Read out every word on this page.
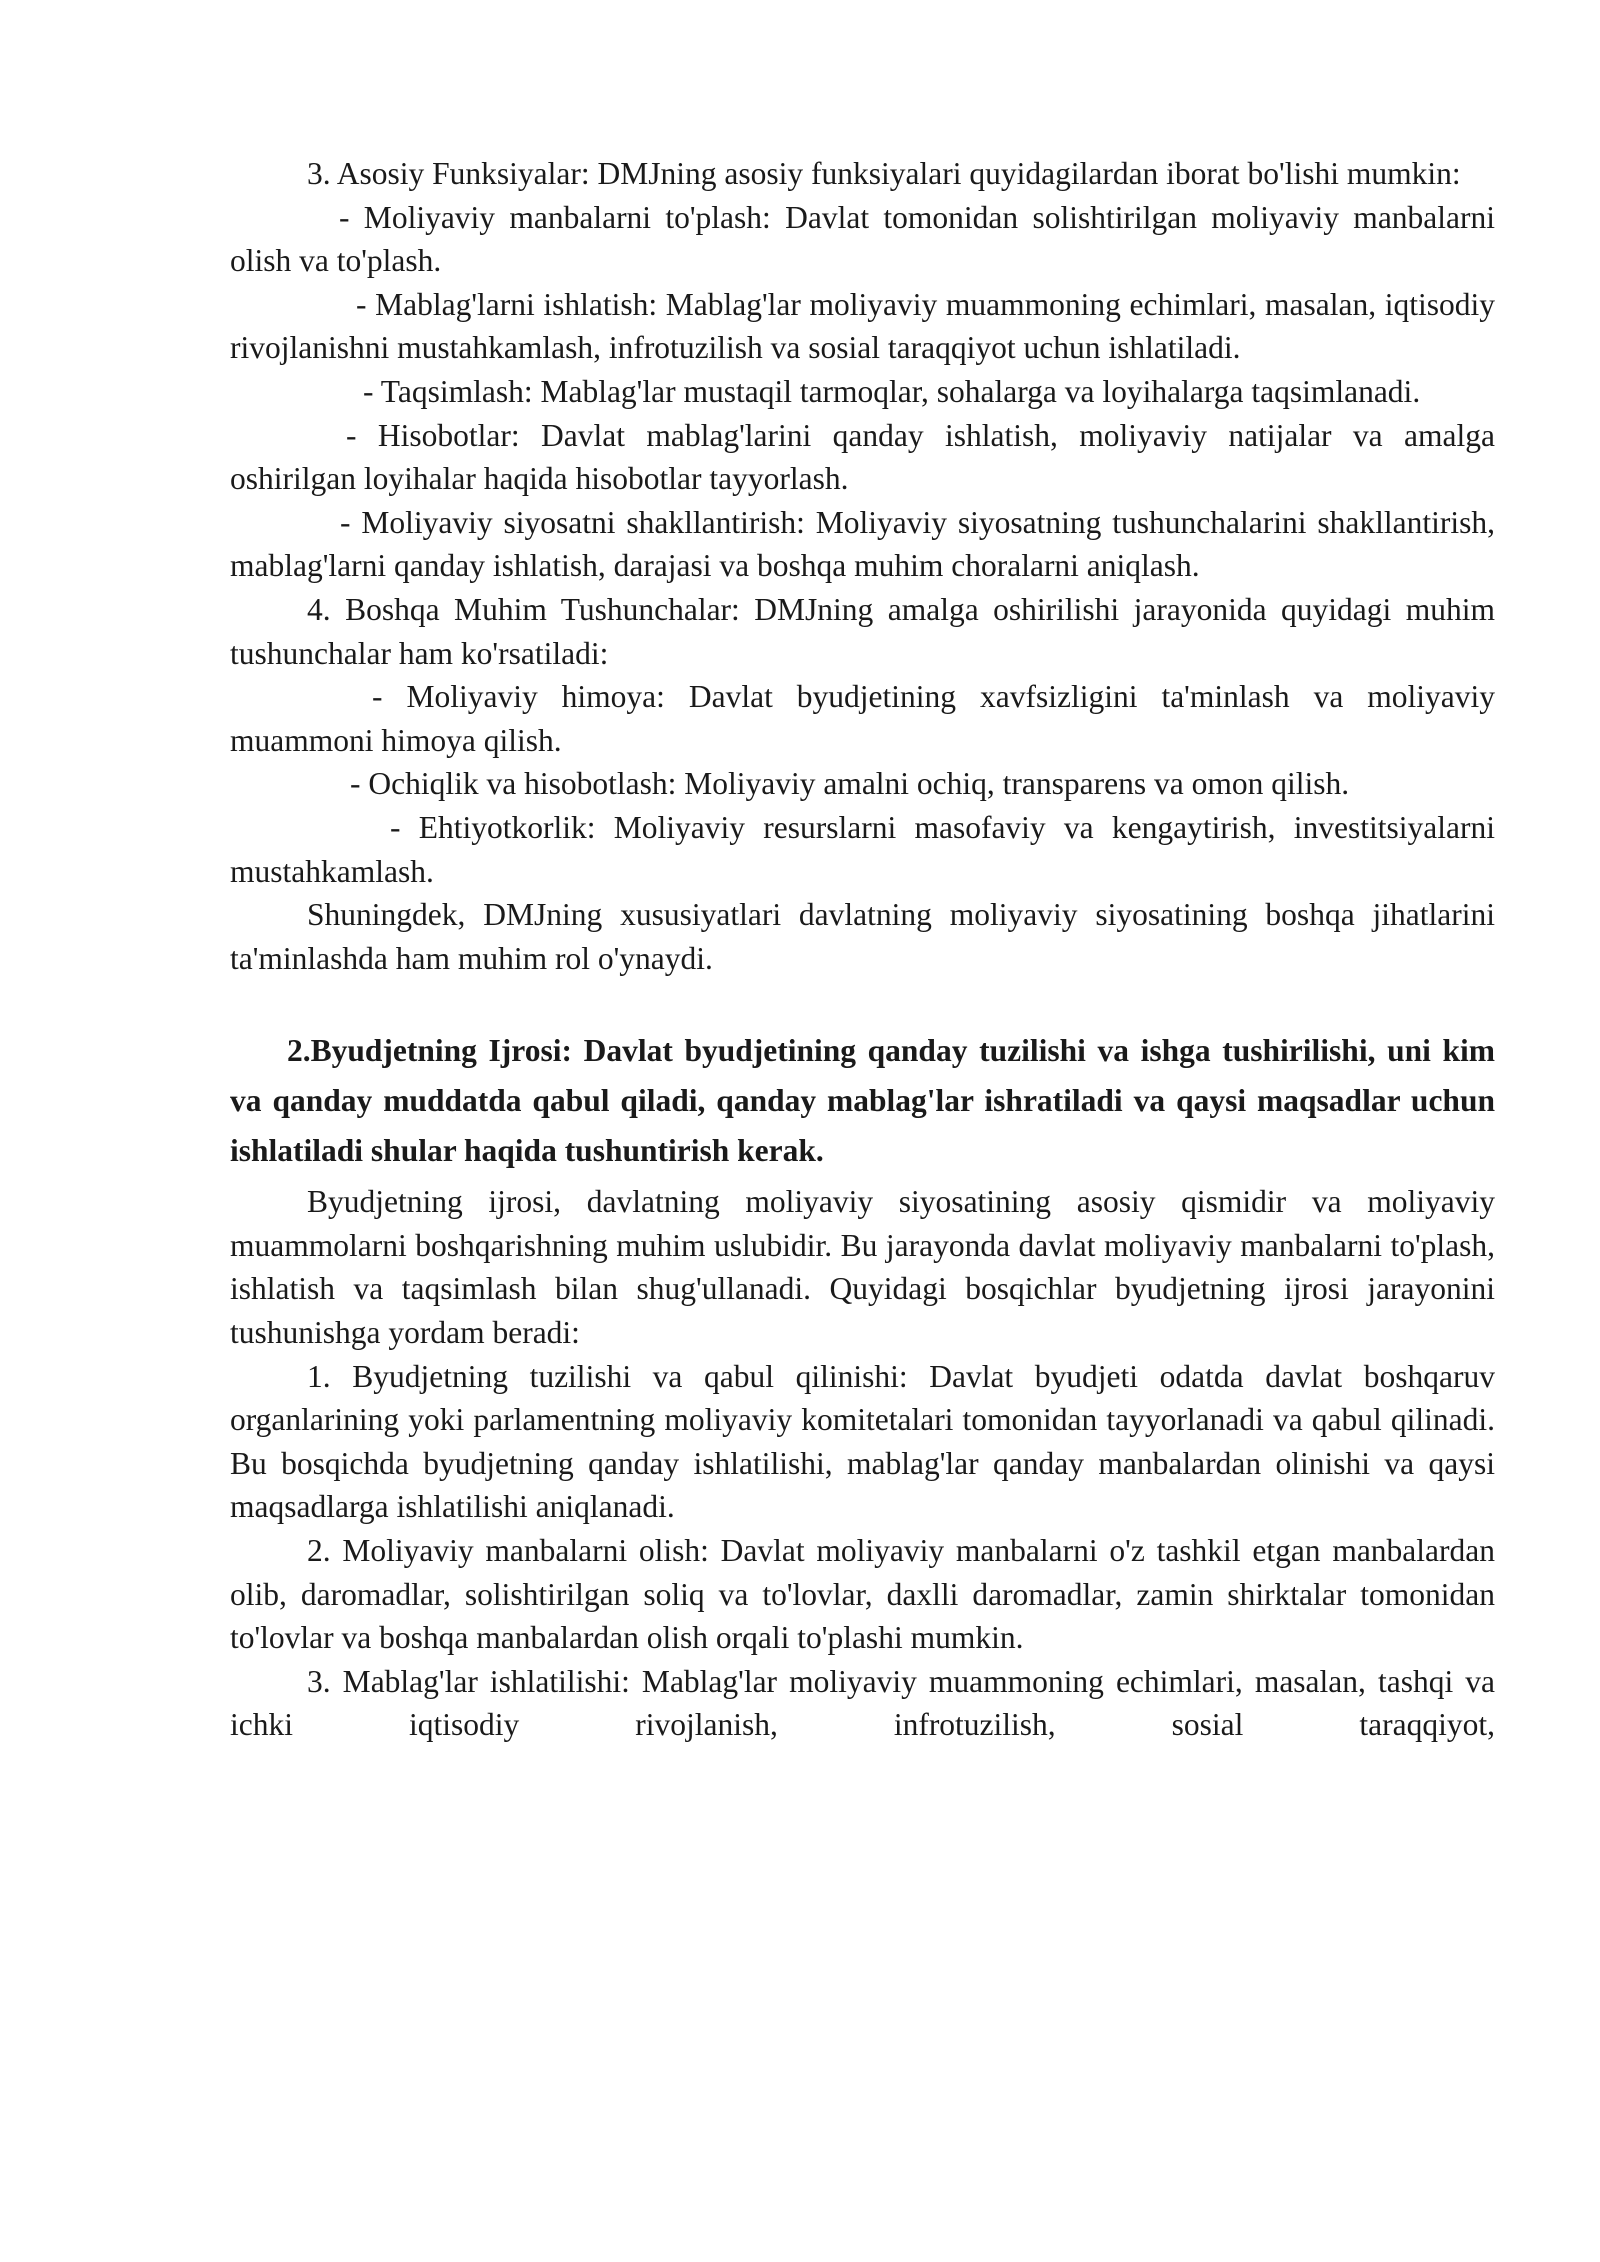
3. Asosiy Funksiyalar: DMJning asosiy funksiyalari quyidagilardan iborat bo'lishi mumkin:

- Moliyaviy manbalarni to'plash: Davlat tomonidan solishtirilgan moliyaviy manbalarni olish va to'plash.

- Mablag'larni ishlatish: Mablag'lar moliyaviy muammoning echimlari, masalan, iqtisodiy rivojlanishni mustahkamlash, infrotuzilish va sosial taraqqiyot uchun ishlatiladi.

- Taqsimlash: Mablag'lar mustaqil tarmoqlar, sohalarga va loyihalarga taqsimlanadi.

- Hisobotlar: Davlat mablag'larini qanday ishlatish, moliyaviy natijalar va amalga oshirilgan loyihalar haqida hisobotlar tayyorlash.

- Moliyaviy siyosatni shakllantirish: Moliyaviy siyosatning tushunchalarini shakllantirish, mablag'larni qanday ishlatish, darajasi va boshqa muhim choralarni aniqlash.

4. Boshqa Muhim Tushunchalar: DMJning amalga oshirilishi jarayonida quyidagi muhim tushunchalar ham ko'rsatiladi:

- Moliyaviy himoya: Davlat byudjetining xavfsizligini ta'minlash va moliyaviy muammoni himoya qilish.

- Ochiqlik va hisobotlash: Moliyaviy amalni ochiq, transparens va omon qilish.

- Ehtiyotkorlik: Moliyaviy resurslarni masofaviy va kengaytirish, investitsiyalarni mustahkamlash.

Shuningdek, DMJning xususiyatlari davlatning moliyaviy siyosatining boshqa jihatlarini ta'minlashda ham muhim rol o'ynaydi.

2.Byudjetning Ijrosi: Davlat byudjetining qanday tuzilishi va ishga tushirilishi, uni kim va qanday muddatda qabul qiladi, qanday mablag'lar ishratiladi va qaysi maqsadlar uchun ishlatiladi shular haqida tushuntirish kerak.

Byudjetning ijrosi, davlatning moliyaviy siyosatining asosiy qismidir va moliyaviy muammolarni boshqarishning muhim uslubidir. Bu jarayonda davlat moliyaviy manbalarni to'plash, ishlatish va taqsimlash bilan shug'ullanadi. Quyidagi bosqichlar byudjetning ijrosi jarayonini tushunishga yordam beradi:

1. Byudjetning tuzilishi va qabul qilinishi: Davlat byudjeti odatda davlat boshqaruv organlarining yoki parlamentning moliyaviy komitetalari tomonidan tayyorlanadi va qabul qilinadi. Bu bosqichda byudjetning qanday ishlatilishi, mablag'lar qanday manbalardan olinishi va qaysi maqsadlarga ishlatilishi aniqlanadi.

2. Moliyaviy manbalarni olish: Davlat moliyaviy manbalarni o'z tashkil etgan manbalardan olib, daromadlar, solishtirilgan soliq va to'lovlar, daxlli daromadlar, zamin shirktalar tomonidan to'lovlar va boshqa manbalardan olish orqali to'plashi mumkin.

3. Mablag'lar ishlatilishi: Mablag'lar moliyaviy muammoning echimlari, masalan, tashqi va ichki iqtisodiy rivojlanish, infrotuzilish, sosial taraqqiyot,
